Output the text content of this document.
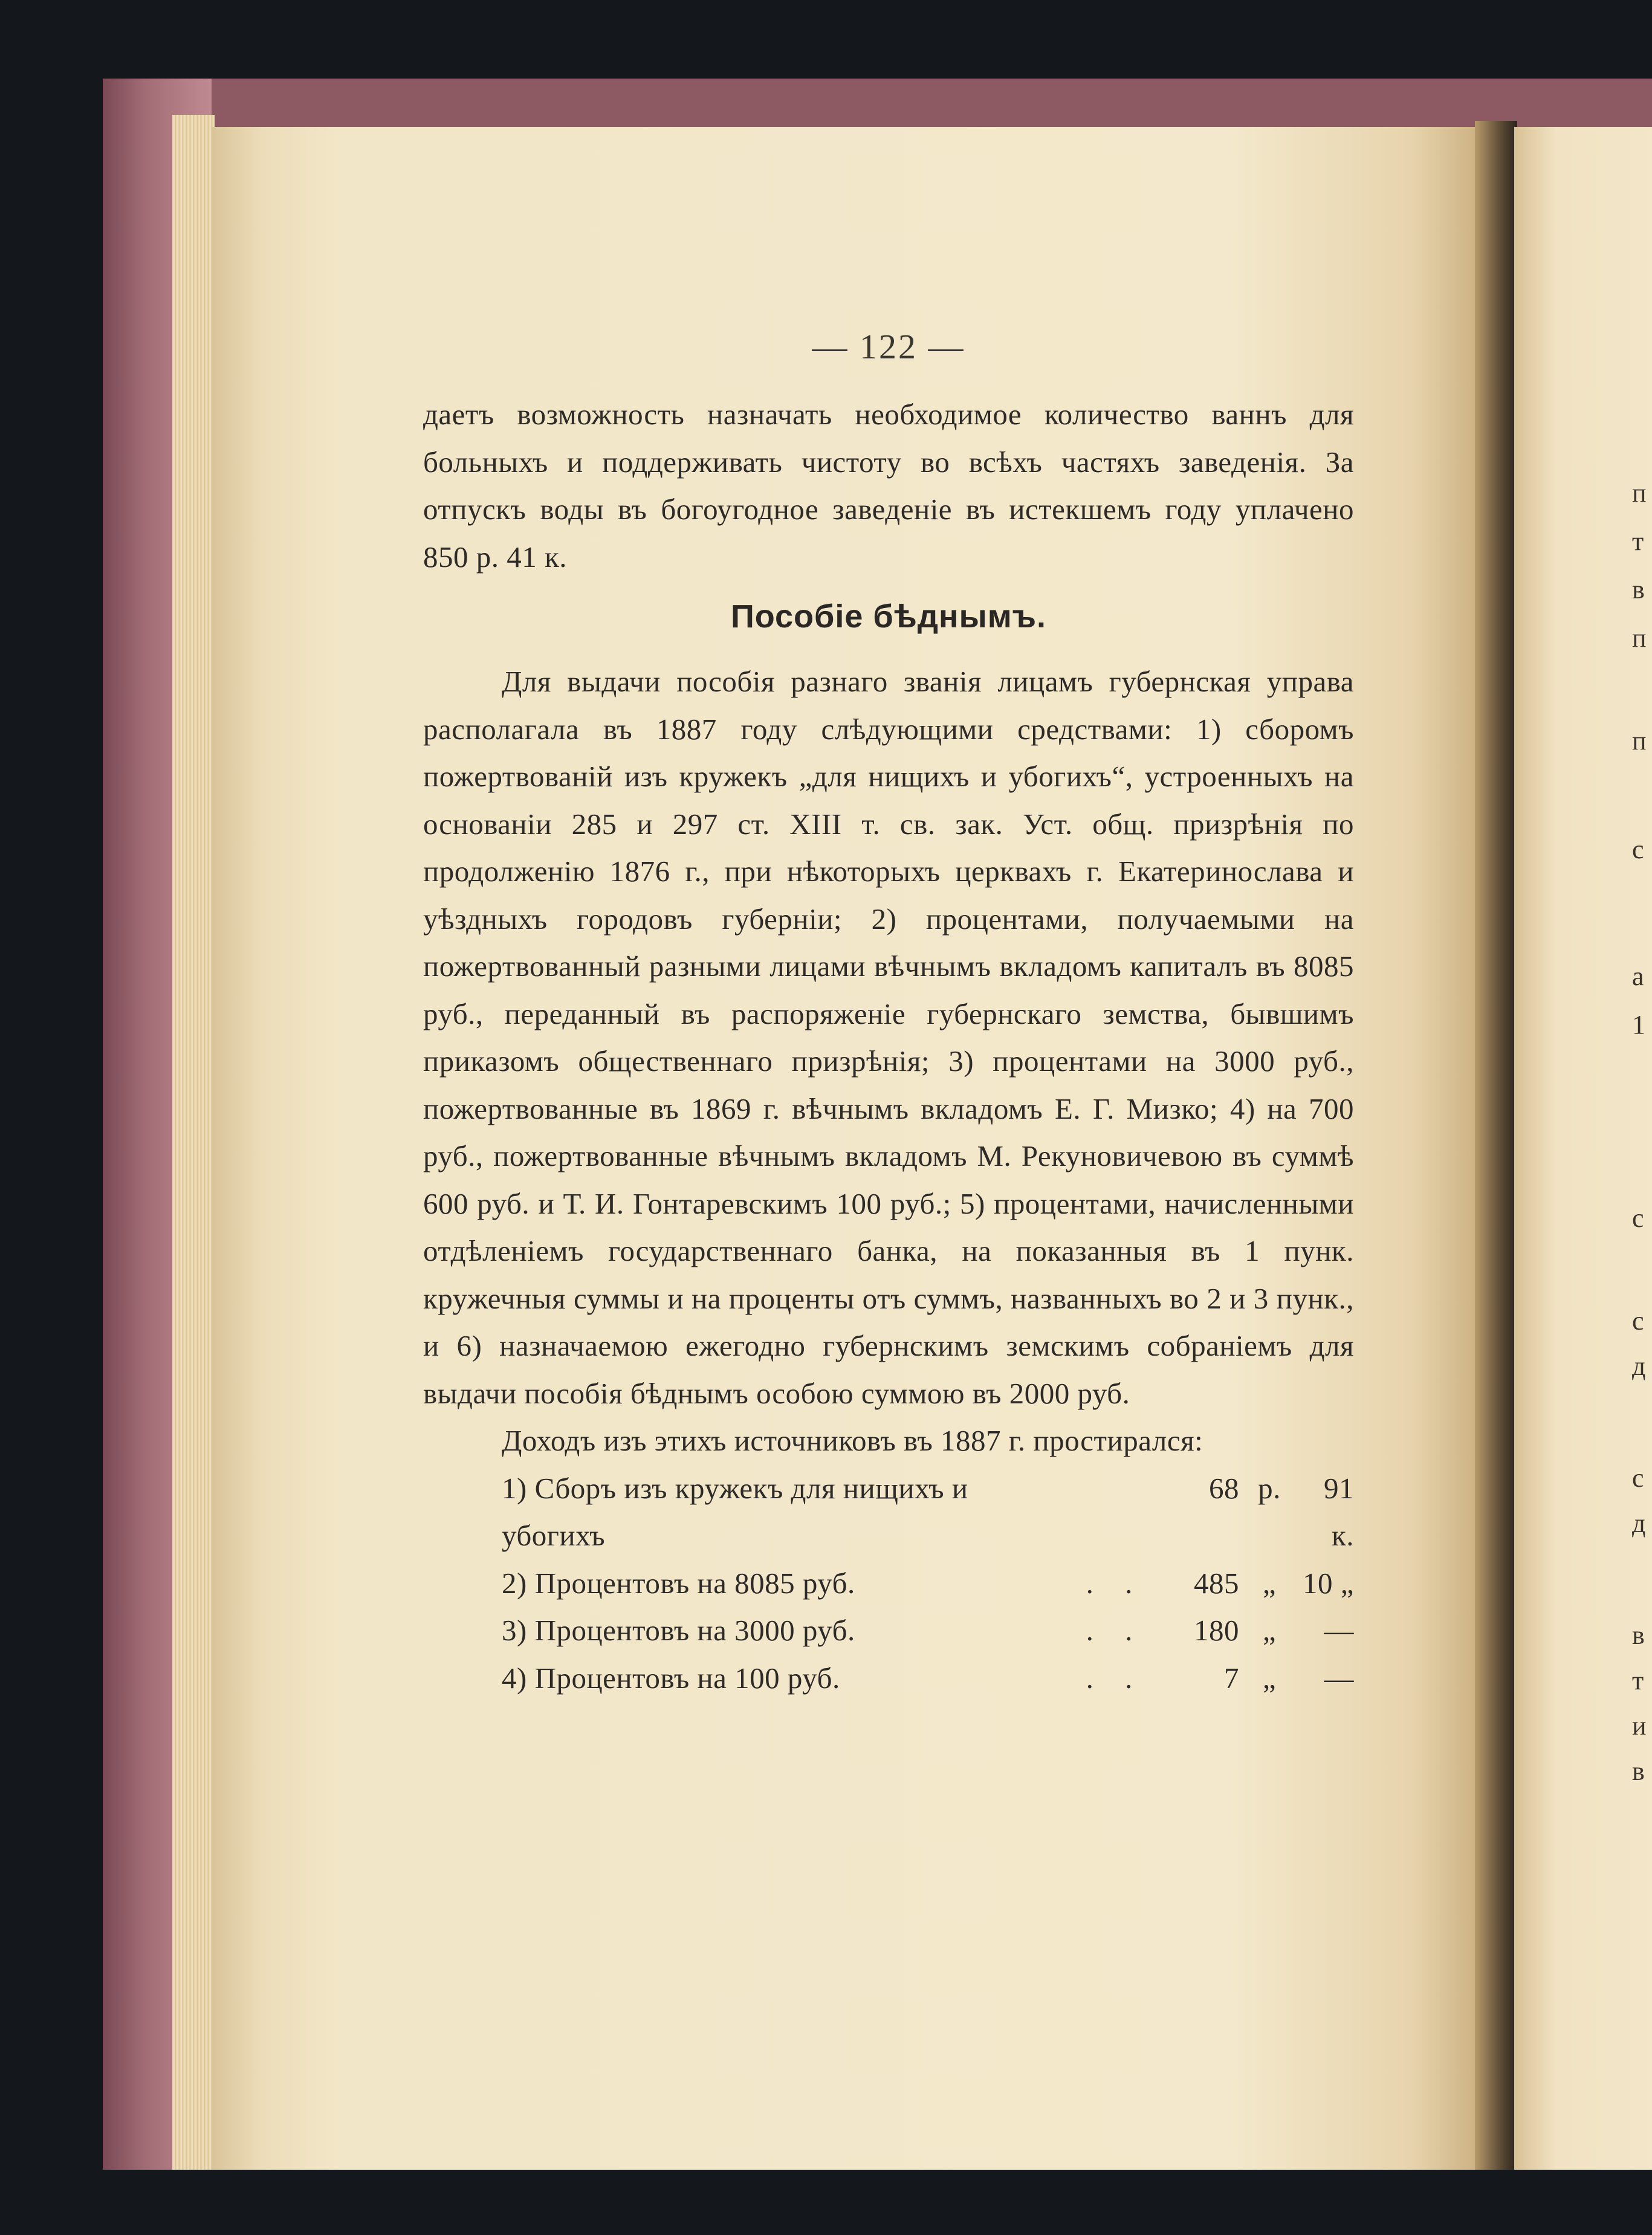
п
т
в
п
п
с
а
1
с
с
д
с
д
в
т
и
в
— 122 —

даетъ возможность назначать необходимое количество ваннъ для больныхъ и поддерживать чистоту во всѣхъ частяхъ заведенія. За отпускъ воды въ богоугодное заведеніе въ истекшемъ году уплачено 850 р. 41 к.

Пособіе бѣднымъ.

Для выдачи пособія разнаго званія лицамъ губернская управа располагала въ 1887 году слѣдующими средствами: 1) сборомъ пожертвованій изъ кружекъ „для нищихъ и убогихъ“, устроенныхъ на основаніи 285 и 297 ст. XIII т. св. зак. Уст. общ. призрѣнія по продолженію 1876 г., при нѣкоторыхъ церквахъ г. Екатеринослава и уѣздныхъ городовъ губерніи; 2) процентами, получаемыми на пожертвованный разными лицами вѣчнымъ вкладомъ капиталъ въ 8085 руб., переданный въ распоряженіе губернскаго земства, бывшимъ приказомъ общественнаго призрѣнія; 3) процентами на 3000 руб., пожертвованные въ 1869 г. вѣчнымъ вкладомъ Е. Г. Мизко; 4) на 700 руб., пожертвованные вѣчнымъ вкладомъ М. Рекуновичевою въ суммѣ 600 руб. и Т. И. Гонтаревскимъ 100 руб.; 5) процентами, начисленными отдѣленіемъ государственнаго банка, на показанныя въ 1 пунк. кружечныя суммы и на проценты отъ суммъ, названныхъ во 2 и 3 пунк., и 6) назначаемою ежегодно губернскимъ земскимъ собраніемъ для выдачи пособія бѣднымъ особою суммою въ 2000 руб.

Доходъ изъ этихъ источниковъ въ 1887 г. простирался:

1) Сборъ изъ кружекъ для нищихъ и убогихъ
68 р.	91 к.
2) Процентовъ на 8085 руб.	. .	485 „ 10 „
3) Процентовъ на 3000 руб.	. .	180 „	—
4) Процентовъ на 100 руб.	. .	7 „	—
